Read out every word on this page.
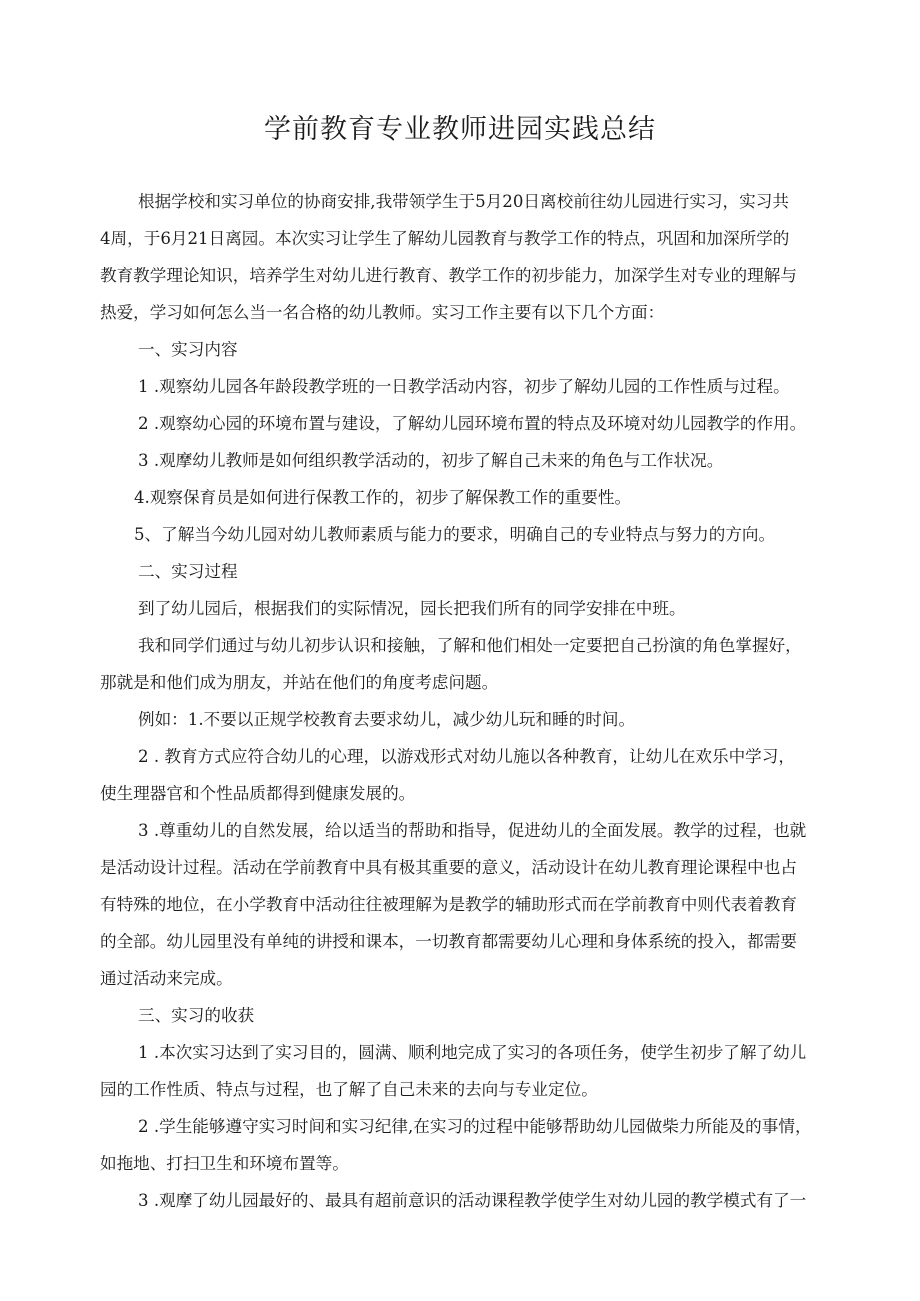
学前教育专业教师进园实践总结

根据学校和实习单位的协商安排,我带领学生于5月20日离校前往幼儿园进行实习，实习共

4周，于6月21日离园。本次实习让学生了解幼儿园教育与教学工作的特点，巩固和加深所学的

教育教学理论知识，培养学生对幼儿进行教育、教学工作的初步能力，加深学生对专业的理解与

热爱，学习如何怎么当一名合格的幼儿教师。实习工作主要有以下几个方面：

一、实习内容

1 .观察幼儿园各年龄段教学班的一日教学活动内容，初步了解幼儿园的工作性质与过程。

2 .观察幼心园的环境布置与建设，了解幼儿园环境布置的特点及环境对幼儿园教学的作用。

3 .观摩幼儿教师是如何组织教学活动的，初步了解自己未来的角色与工作状况。

4.观察保育员是如何进行保教工作的，初步了解保教工作的重要性。

5、了解当今幼儿园对幼儿教师素质与能力的要求，明确自己的专业特点与努力的方向。

二、实习过程

到了幼儿园后，根据我们的实际情况，园长把我们所有的同学安排在中班。

我和同学们通过与幼儿初步认识和接触，了解和他们相处一定要把自己扮演的角色掌握好，

那就是和他们成为朋友，并站在他们的角度考虑问题。

例如：1.不要以正规学校教育去要求幼儿，减少幼儿玩和睡的时间。

2 . 教育方式应符合幼儿的心理，以游戏形式对幼儿施以各种教育，让幼儿在欢乐中学习，

使生理器官和个性品质都得到健康发展的。

3 .尊重幼儿的自然发展，给以适当的帮助和指导，促进幼儿的全面发展。教学的过程，也就

是活动设计过程。活动在学前教育中具有极其重要的意义，活动设计在幼儿教育理论课程中也占

有特殊的地位，在小学教育中活动往往被理解为是教学的辅助形式而在学前教育中则代表着教育

的全部。幼儿园里没有单纯的讲授和课本，一切教育都需要幼儿心理和身体系统的投入，都需要

通过活动来完成。

三、实习的收获

1 .本次实习达到了实习目的，圆满、顺利地完成了实习的各项任务，使学生初步了解了幼儿

园的工作性质、特点与过程，也了解了自己未来的去向与专业定位。

2 .学生能够遵守实习时间和实习纪律,在实习的过程中能够帮助幼儿园做柴力所能及的事情，

如拖地、打扫卫生和环境布置等。

3 .观摩了幼儿园最好的、最具有超前意识的活动课程教学使学生对幼儿园的教学模式有了一
